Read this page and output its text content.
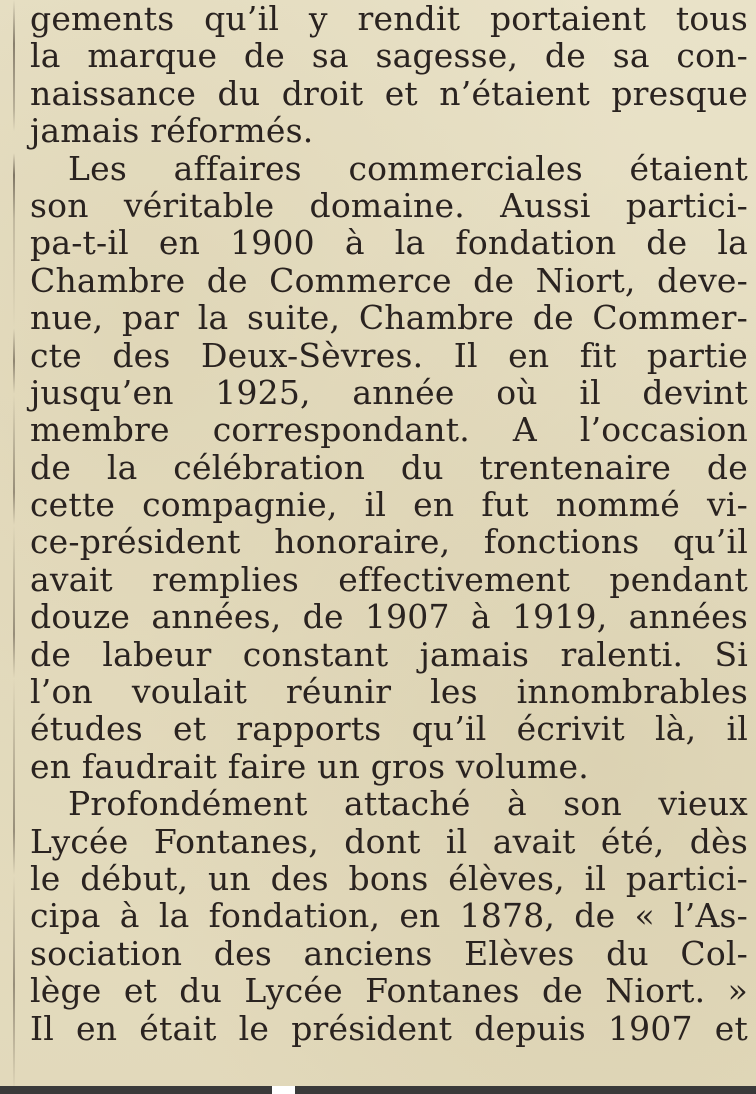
gements qu’il y rendit portaient tous
la marque de sa sagesse, de sa con-
naissance du droit et n’étaient presque
jamais réformés.
Les affaires commerciales étaient
son véritable domaine. Aussi partici-
pa-t-il en 1900 à la fondation de la
Chambre de Commerce de Niort, deve-
nue, par la suite, Chambre de Commer-
cte des Deux-Sèvres. Il en fit partie
jusqu’en 1925, année où il devint
membre correspondant. A l’occasion
de la célébration du trentenaire de
cette compagnie, il en fut nommé vi-
ce-président honoraire, fonctions qu’il
avait remplies effectivement pendant
douze années, de 1907 à 1919, années
de labeur constant jamais ralenti. Si
l’on voulait réunir les innombrables
études et rapports qu’il écrivit là, il
en faudrait faire un gros volume.
Profondément attaché à son vieux
Lycée Fontanes, dont il avait été, dès
le début, un des bons élèves, il partici-
cipa à la fondation, en 1878, de « l’As-
sociation des anciens Elèves du Col-
lège et du Lycée Fontanes de Niort. »
Il en était le président depuis 1907 et
